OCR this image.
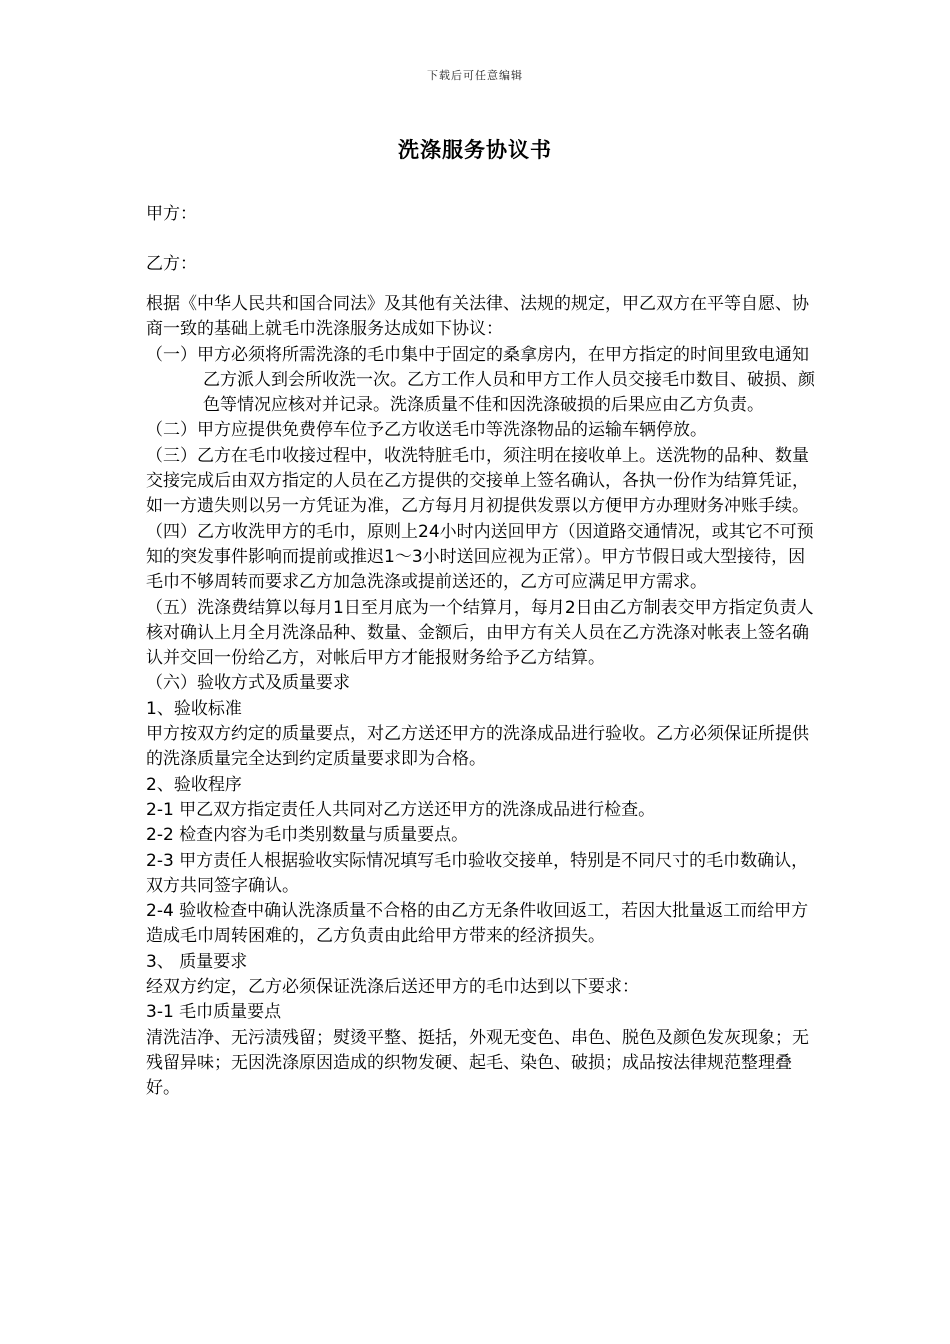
下载后可任意编辑
洗涤服务协议书
甲方：
乙方：

根据《中华人民共和国合同法》及其他有关法律、法规的规定，甲乙双方在平等自愿、协商一致的基础上就毛巾洗涤服务达成如下协议：

（一）甲方必须将所需洗涤的毛巾集中于固定的桑拿房内，在甲方指定的时间里致电通知乙方派人到会所收洗一次。乙方工作人员和甲方工作人员交接毛巾数目、破损、颜色等情况应核对并记录。洗涤质量不佳和因洗涤破损的后果应由乙方负责。

（二）甲方应提供免费停车位予乙方收送毛巾等洗涤物品的运输车辆停放。

（三）乙方在毛巾收接过程中，收洗特脏毛巾，须注明在接收单上。送洗物的品种、数量交接完成后由双方指定的人员在乙方提供的交接单上签名确认，各执一份作为结算凭证，如一方遗失则以另一方凭证为准，乙方每月月初提供发票以方便甲方办理财务冲账手续。

（四）乙方收洗甲方的毛巾，原则上24小时内送回甲方（因道路交通情况，或其它不可预知的突发事件影响而提前或推迟1～3小时送回应视为正常）。甲方节假日或大型接待，因毛巾不够周转而要求乙方加急洗涤或提前送还的，乙方可应满足甲方需求。

（五）洗涤费结算以每月1日至月底为一个结算月，每月2日由乙方制表交甲方指定负责人核对确认上月全月洗涤品种、数量、金额后，由甲方有关人员在乙方洗涤对帐表上签名确认并交回一份给乙方，对帐后甲方才能报财务给予乙方结算。

（六）验收方式及质量要求

1、验收标准

甲方按双方约定的质量要点，对乙方送还甲方的洗涤成品进行验收。乙方必须保证所提供的洗涤质量完全达到约定质量要求即为合格。

2、验收程序

2-1 甲乙双方指定责任人共同对乙方送还甲方的洗涤成品进行检查。

2-2 检查内容为毛巾类别数量与质量要点。

2-3 甲方责任人根据验收实际情况填写毛巾验收交接单，特别是不同尺寸的毛巾数确认，双方共同签字确认。

2-4 验收检查中确认洗涤质量不合格的由乙方无条件收回返工，若因大批量返工而给甲方造成毛巾周转困难的，乙方负责由此给甲方带来的经济损失。

3、 质量要求

经双方约定，乙方必须保证洗涤后送还甲方的毛巾达到以下要求：

3-1 毛巾质量要点

清洗洁净、无污渍残留；熨烫平整、挺括，外观无变色、串色、脱色及颜色发灰现象；无残留异味；无因洗涤原因造成的织物发硬、起毛、染色、破损；成品按法律规范整理叠好。
